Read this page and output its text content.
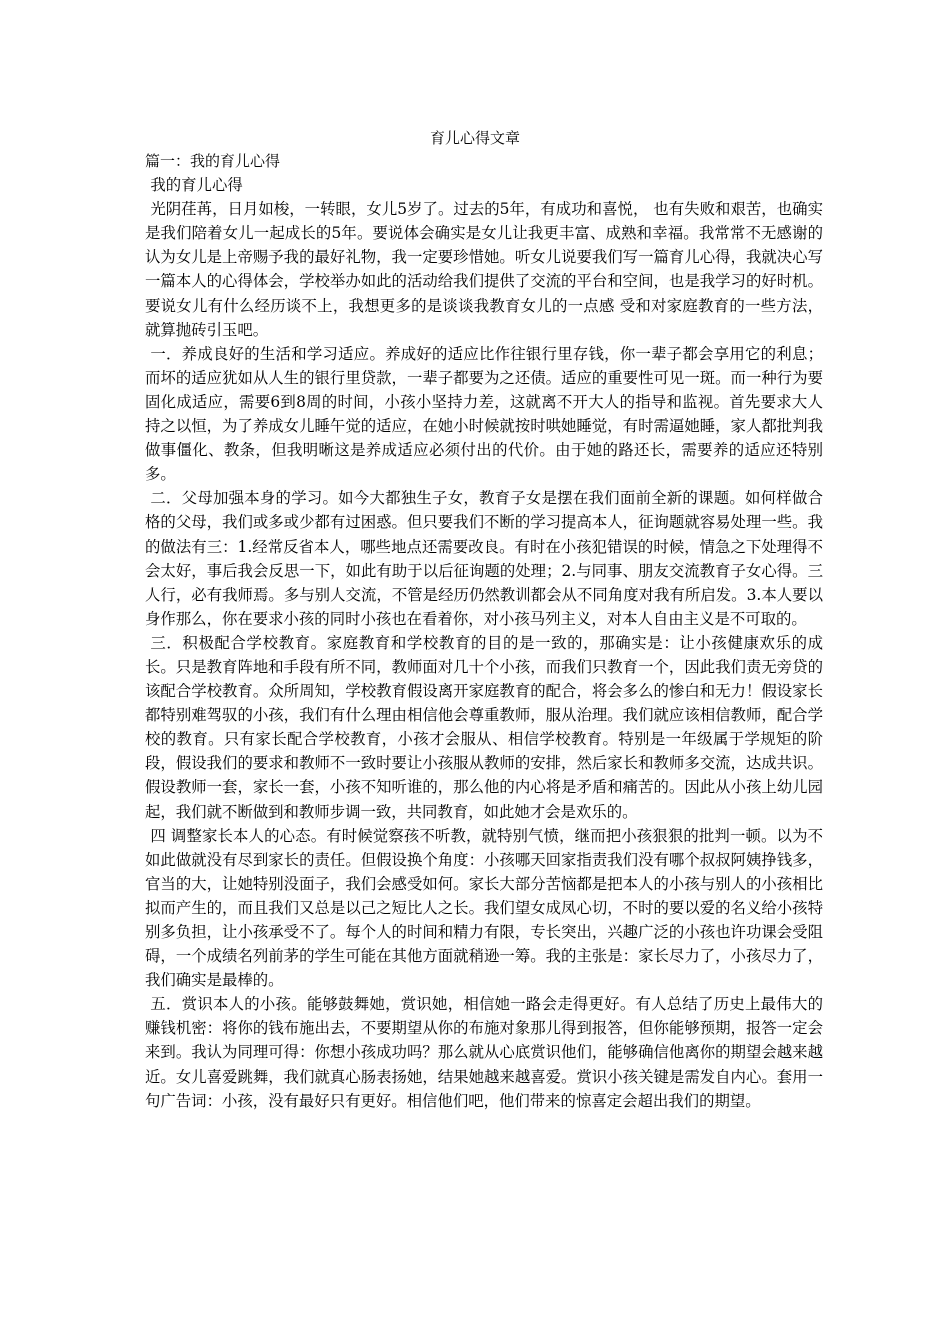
育儿心得文章

篇一：我的育儿心得

我的育儿心得

光阴荏苒，日月如梭，一转眼，女儿5岁了。过去的5年，有成功和喜悦， 也有失败和艰苦，也确实是我们陪着女儿一起成长的5年。要说体会确实是女儿让我更丰富、成熟和幸福。我常常不无感谢的认为女儿是上帝赐予我的最好礼物，我一定要珍惜她。听女儿说要我们写一篇育儿心得，我就决心写一篇本人的心得体会，学校举办如此的活动给我们提供了交流的平台和空间，也是我学习的好时机。要说女儿有什么经历谈不上，我想更多的是谈谈我教育女儿的一点感 受和对家庭教育的一些方法，就算抛砖引玉吧。

一．养成良好的生活和学习适应。养成好的适应比作往银行里存钱，你一辈子都会享用它的利息；而坏的适应犹如从人生的银行里贷款，一辈子都要为之还债。适应的重要性可见一斑。而一种行为要固化成适应，需要6到8周的时间，小孩小坚持力差，这就离不开大人的指导和监视。首先要求大人持之以恒，为了养成女儿睡午觉的适应，在她小时候就按时哄她睡觉，有时需逼她睡，家人都批判我做事僵化、教条，但我明晰这是养成适应必须付出的代价。由于她的路还长，需要养的适应还特别多。

二．父母加强本身的学习。如今大都独生子女，教育子女是摆在我们面前全新的课题。如何样做合格的父母，我们或多或少都有过困惑。但只要我们不断的学习提高本人，征询题就容易处理一些。我的做法有三：1.经常反省本人，哪些地点还需要改良。有时在小孩犯错误的时候，情急之下处理得不会太好，事后我会反思一下，如此有助于以后征询题的处理；2.与同事、朋友交流教育子女心得。三人行，必有我师焉。多与别人交流，不管是经历仍然教训都会从不同角度对我有所启发。3.本人要以身作那么，你在要求小孩的同时小孩也在看着你，对小孩马列主义，对本人自由主义是不可取的。

三．积极配合学校教育。家庭教育和学校教育的目的是一致的，那确实是：让小孩健康欢乐的成长。只是教育阵地和手段有所不同，教师面对几十个小孩，而我们只教育一个，因此我们责无旁贷的该配合学校教育。众所周知，学校教育假设离开家庭教育的配合，将会多么的惨白和无力！假设家长都特别难驾驭的小孩，我们有什么理由相信他会尊重教师，服从治理。我们就应该相信教师，配合学校的教育。只有家长配合学校教育，小孩才会服从、相信学校教育。特别是一年级属于学规矩的阶段，假设我们的要求和教师不一致时要让小孩服从教师的安排，然后家长和教师多交流，达成共识。假设教师一套，家长一套，小孩不知听谁的，那么他的内心将是矛盾和痛苦的。因此从小孩上幼儿园起，我们就不断做到和教师步调一致，共同教育，如此她才会是欢乐的。

四 调整家长本人的心态。有时候觉察孩不听教，就特别气愤，继而把小孩狠狠的批判一顿。以为不如此做就没有尽到家长的责任。但假设换个角度：小孩哪天回家指责我们没有哪个叔叔阿姨挣钱多，官当的大，让她特别没面子，我们会感受如何。家长大部分苦恼都是把本人的小孩与别人的小孩相比拟而产生的，而且我们又总是以己之短比人之长。我们望女成凤心切，不时的要以爱的名义给小孩特别多负担，让小孩承受不了。每个人的时间和精力有限，专长突出，兴趣广泛的小孩也许功课会受阻碍，一个成绩名列前茅的学生可能在其他方面就稍逊一筹。我的主张是：家长尽力了，小孩尽力了，我们确实是最棒的。

五．赏识本人的小孩。能够鼓舞她，赏识她，相信她一路会走得更好。有人总结了历史上最伟大的赚钱机密：将你的钱布施出去，不要期望从你的布施对象那儿得到报答，但你能够预期，报答一定会来到。我认为同理可得：你想小孩成功吗？那么就从心底赏识他们，能够确信他离你的期望会越来越近。女儿喜爱跳舞，我们就真心肠表扬她，结果她越来越喜爱。赏识小孩关键是需发自内心。套用一句广告词：小孩，没有最好只有更好。相信他们吧，他们带来的惊喜定会超出我们的期望。
